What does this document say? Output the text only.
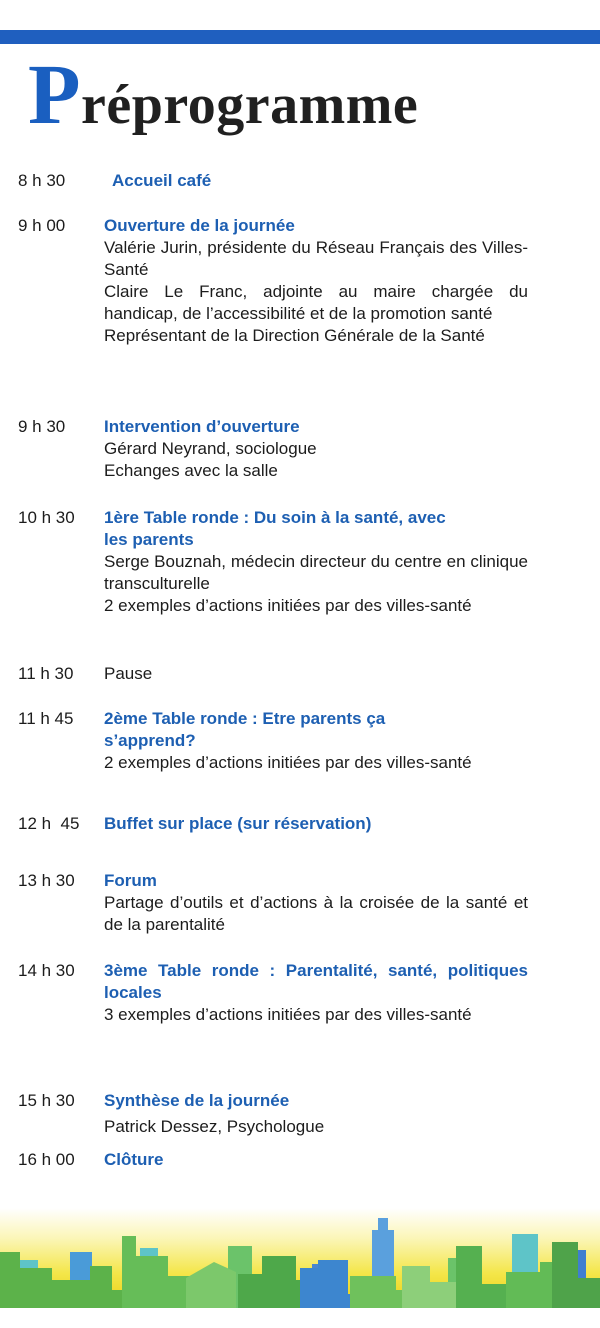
Préprogramme
8 h 30	Accueil café

9 h 00 Ouverture de la journée

Valérie Jurin, présidente du Réseau Français des Villes-Santé

Claire Le Franc, adjointe au maire chargée du handicap, de l’accessibilité et de la promotion santé

Représentant de la Direction Générale de la Santé

9 h 30 Intervention d’ouverture

Gérard Neyrand, sociologue

Echanges avec la salle

10 h 30 1ère Table ronde : Du soin à la santé, avec les parents

Serge Bouznah, médecin directeur du centre en clinique transculturelle

2 exemples d’actions initiées par des villes-santé

11 h 30 Pause

11 h 45 2ème Table ronde : Etre parents ça s’apprend?

2 exemples d’actions initiées par des villes-santé

12 h  45 Buffet sur place (sur réservation)

13 h 30 Forum

Partage d’outils et d’actions à la croisée de la santé et de la parentalité

14 h 30 3ème Table ronde : Parentalité, santé, politiques locales

3 exemples d’actions initiées par des villes-santé

15 h 30 Synthèse de la journée

Patrick Dessez, Psychologue

16 h 00 Clôture
